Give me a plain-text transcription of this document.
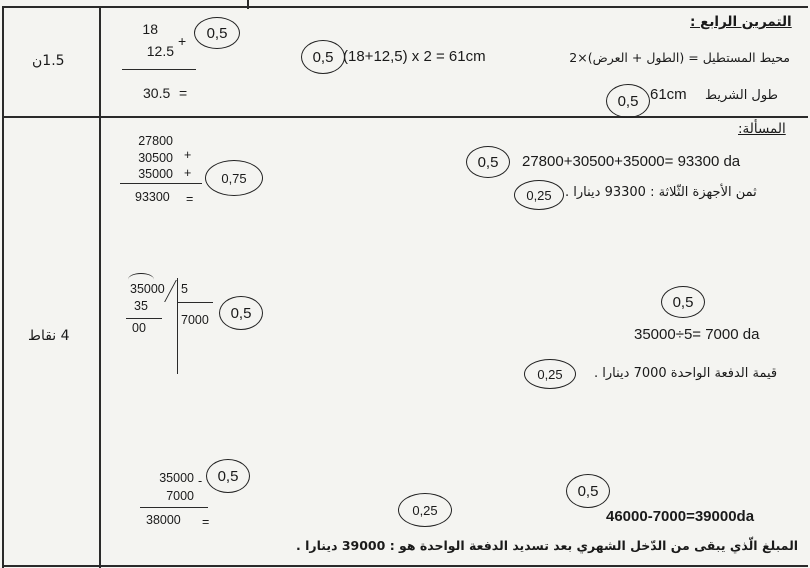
1.5ن
4 نقاط
18
12.5
+
30.5 =
0,5
التمرين الرابع :
محيط المستطيل = (الطول + العرض)×2
(18+12,5) x 2 = 61cm
0,5
طول الشريط
61cm
0,5
27800
30500 +
35000 +
93300 =
0,75
المسألة:
27800+30500+35000= 93300 da
0,5
ثمن الأجهزة الثّلاثة : 93300 دينارا .
0,25
35000 5
35
00
7000	0,5
0,5
35000÷5= 7000 da
قيمة الدفعة الواحدة 7000 دينارا .
0,25
35000 -
7000
38000 =
0,5
0,25
0,5
46000-7000=39000da
المبلغ الّذي يبقى من الدّخل الشهري بعد تسديد الدفعة الواحدة هو : 39000 دينارا .
